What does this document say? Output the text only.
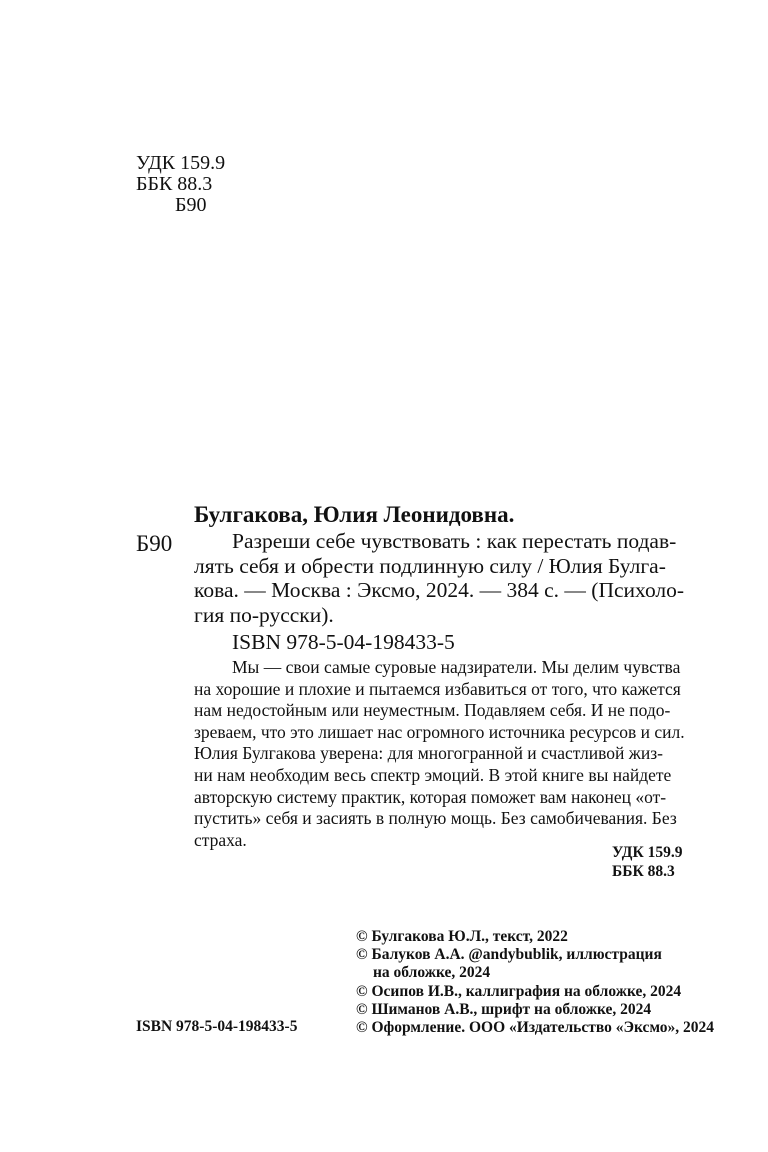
УДК 159.9
ББК 88.3
Б90
Булгакова, Юлия Леонидовна.
Б90	Разреши себе чувствовать : как перестать подав-
лять себя и обрести подлинную силу / Юлия Булга-
кова. — Москва : Эксмо, 2024. — 384 с. — (Психоло-
гия по-русски).
ISBN 978-5-04-198433-5
Мы — свои самые суровые надзиратели. Мы делим чувства
на хорошие и плохие и пытаемся избавиться от того, что кажется
нам недостойным или неуместным. Подавляем себя. И не подо-
зреваем, что это лишает нас огромного источника ресурсов и сил.
Юлия Булгакова уверена: для многогранной и счастливой жиз-
ни нам необходим весь спектр эмоций. В этой книге вы найдете
авторскую систему практик, которая поможет вам наконец «от-
пустить» себя и засиять в полную мощь. Без самобичевания. Без
страха.
УДК 159.9
ББК 88.3
© Булгакова Ю.Л., текст, 2022
© Балуков А.А. @andybublik, иллюстрация
на обложке, 2024
© Осипов И.В., каллиграфия на обложке, 2024
© Шиманов А.В., шрифт на обложке, 2024
© Оформление. ООО «Издательство «Эксмо», 2024
ISBN 978-5-04-198433-5
